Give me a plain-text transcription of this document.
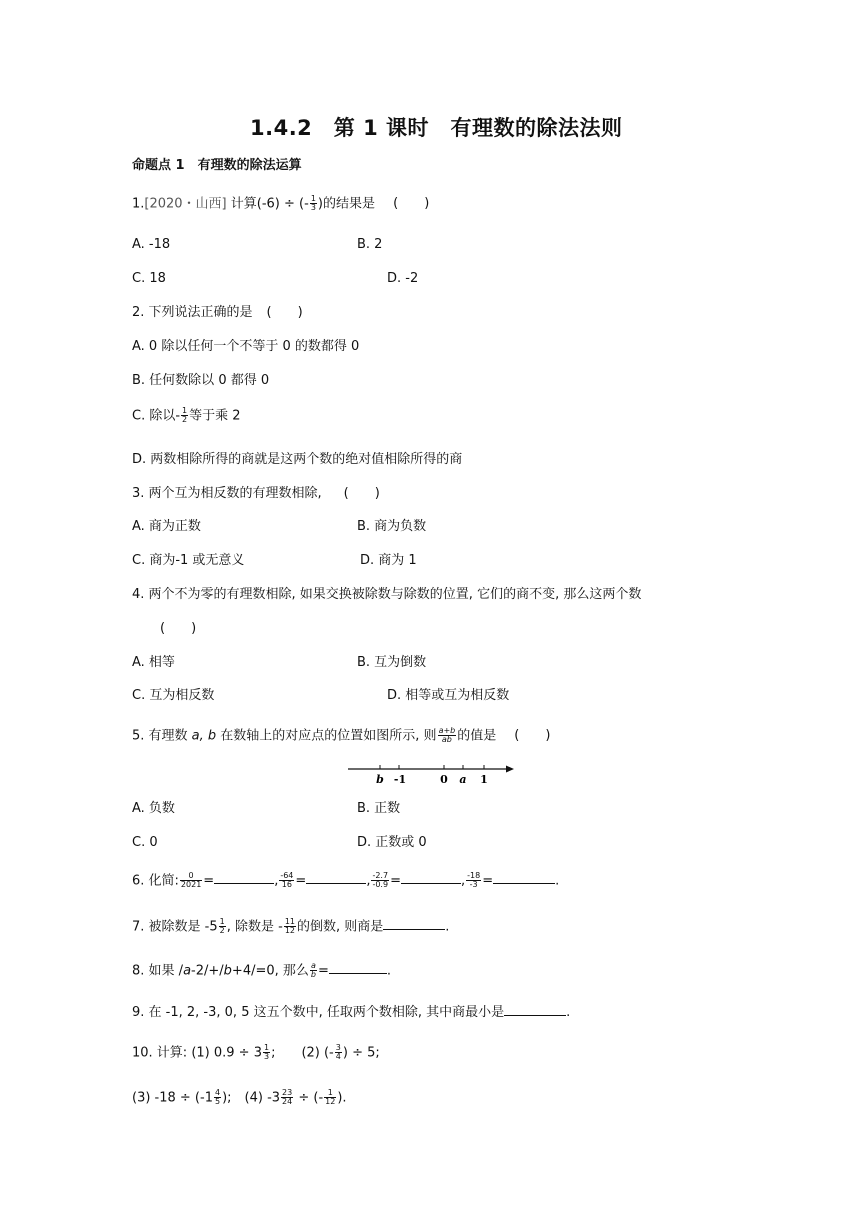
1.4.2　第 1 课时　有理数的除法法则
命题点 1　有理数的除法运算
1.[2020・山西] 计算(-6) ÷ (- $\frac{1}{3}$ )的结果是 (　　)
A. -18	B. 2
C. 18	D. -2
2. 下列说法正确的是 (　　)
A. 0 除以任何一个不等于 0 的数都得 0
B. 任何数除以 0 都得 0
C. 除以- $\frac{1}{2}$ 等于乘 2
D. 两数相除所得的商就是这两个数的绝对值相除所得的商
3. 两个互为相反数的有理数相除, (　　)
A. 商为正数	B. 商为负数
C. 商为-1 或无意义	D. 商为 1
4. 两个不为零的有理数相除, 如果交换被除数与除数的位置, 它们的商不变, 那么这两个数
(　　)
A. 相等	B. 互为倒数
C. 互为相反数	D. 相等或互为相反数
5. 有理数 a, b 在数轴上的对应点的位置如图所示, 则 $\frac{a+b}{ab}$ 的值是 (　　)
b -1	0 a 1
A. 负数	B. 正数
C. 0	D. 正数或 0
6. 化简: $\frac{0}{2021}$ =	, $\frac{-64}{16}$ =	, $\frac{-2.7}{-0.9}$ =	, $\frac{-18}{-3}$ =	.
7. 被除数是 $-5 \frac{1}{2}$ , 除数是 - $\frac{11}{12}$ 的倒数, 则商是	.
8. 如果 /a-2/+/b+4/=0, 那么 $\frac{a}{b}$ =	.
9. 在 -1, 2, -3, 0, 5 这五个数中, 任取两个数相除, 其中商最小是	.
10. 计算: (1) $0.9 \div 3 \frac{1}{3}$ ;　　(2) (- $\frac{3}{4}$ ) ÷ 5;
(3) $-18 \div (-1 \frac{4}{5}$ );　(4) $-3 \frac{23}{24}$ ÷ (- $\frac{1}{12}$ ).
